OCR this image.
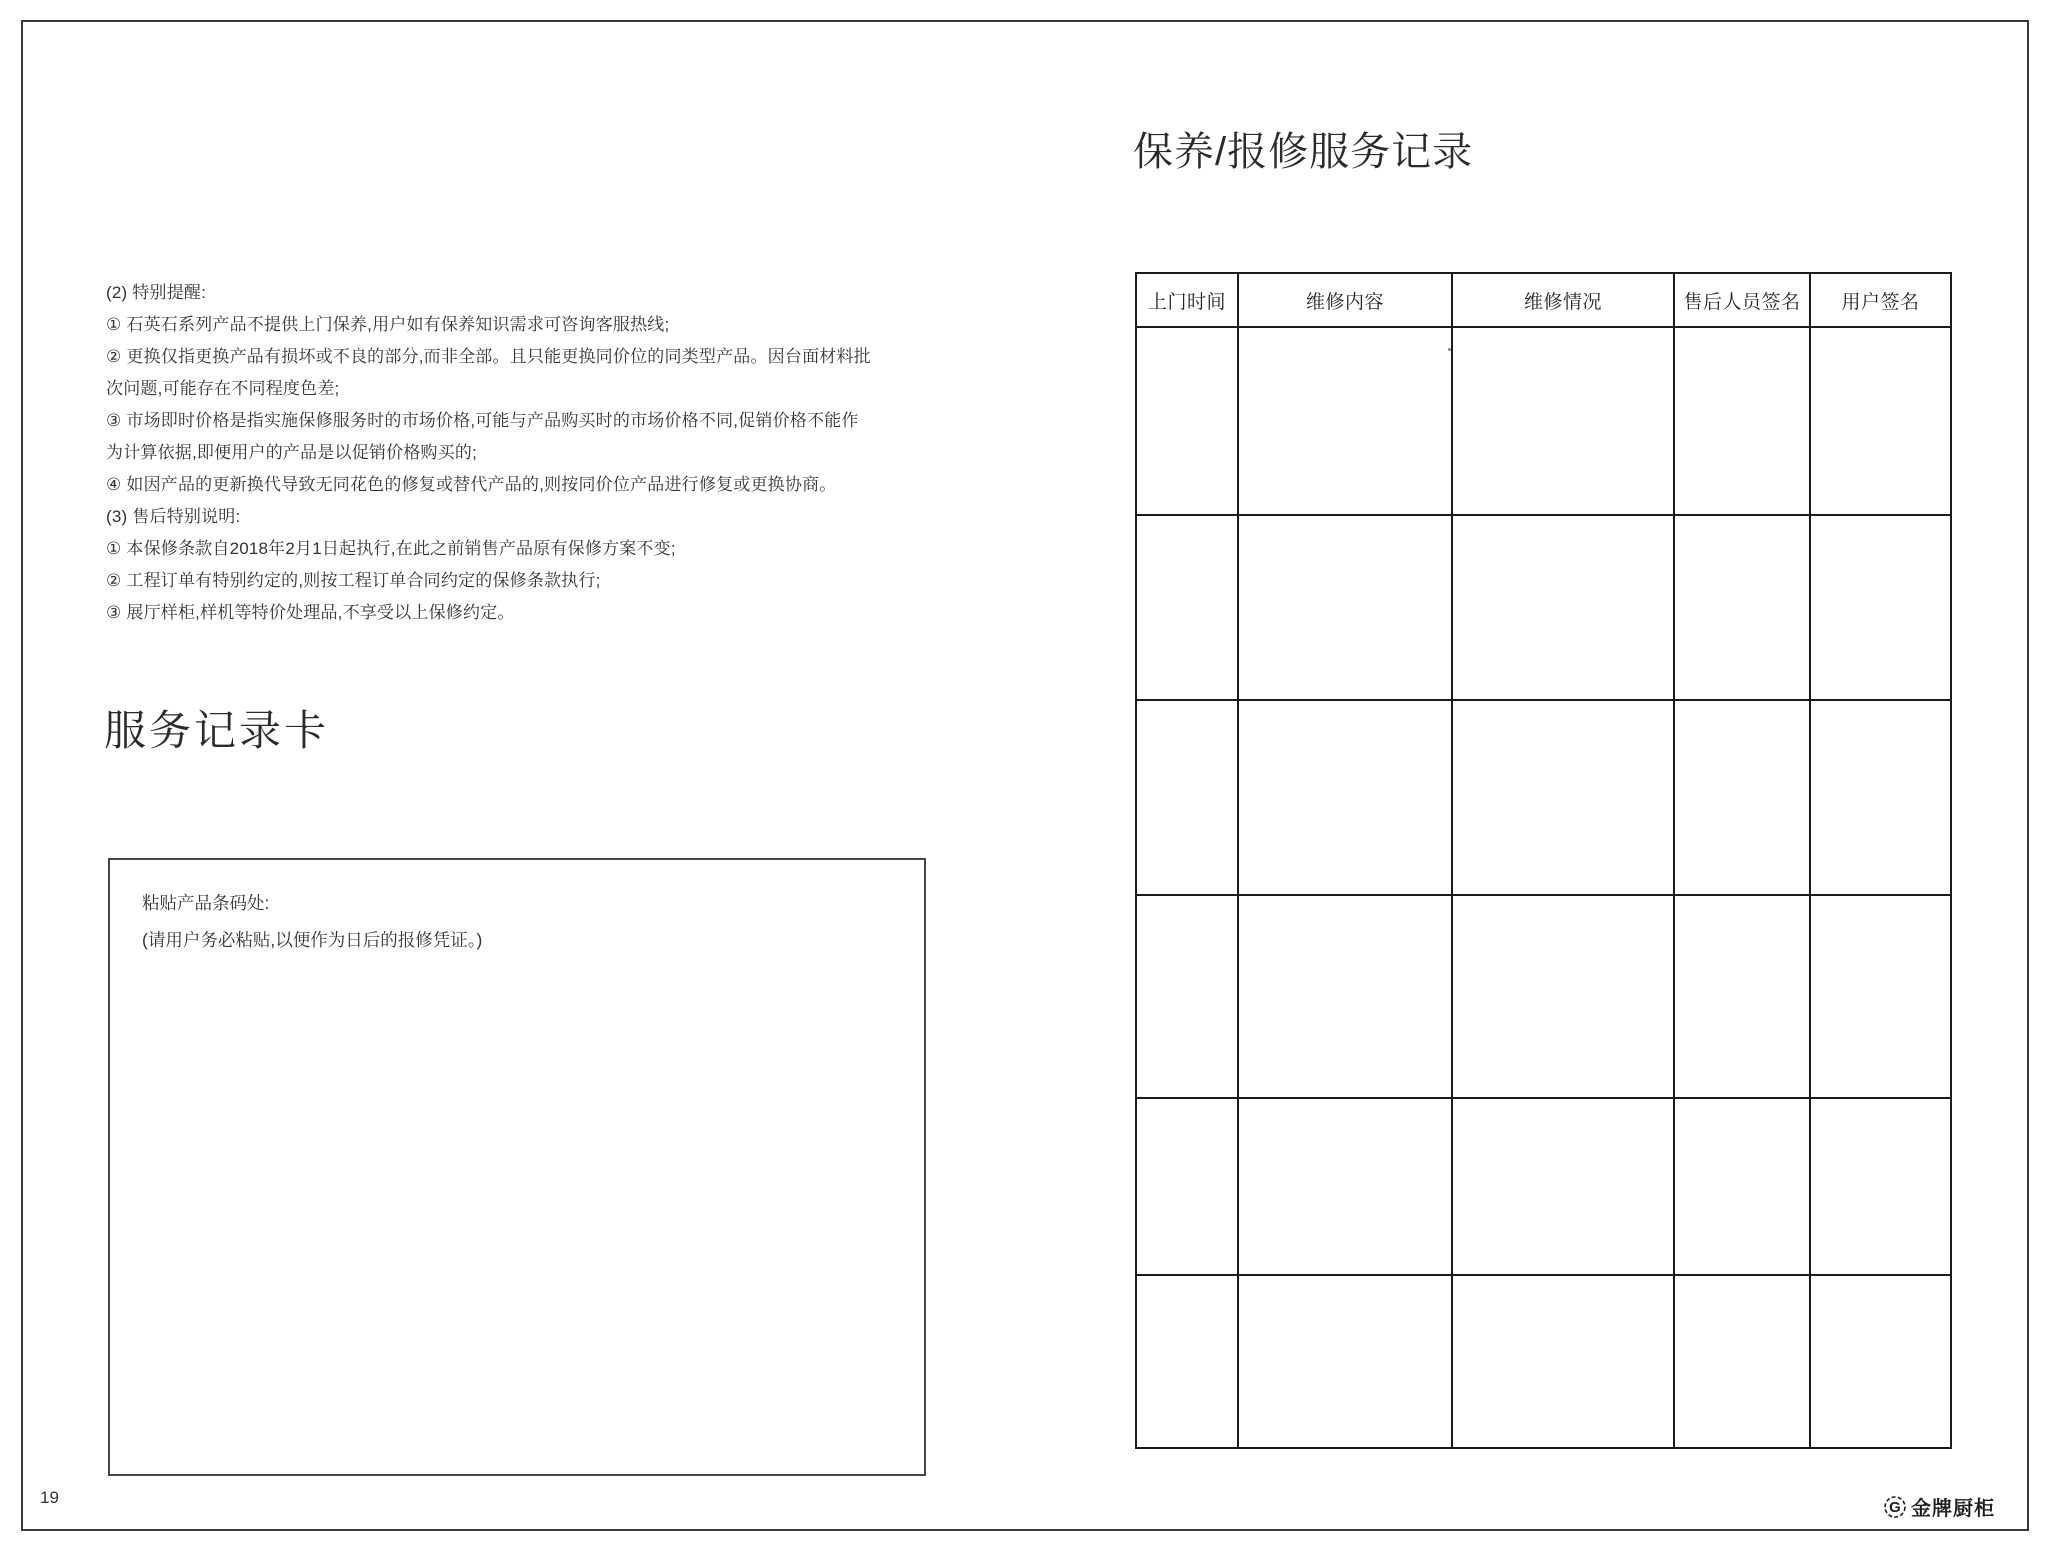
(2) 特别提醒:
① 石英石系列产品不提供上门保养,用户如有保养知识需求可咨询客服热线;
② 更换仅指更换产品有损坏或不良的部分,而非全部。且只能更换同价位的同类型产品。因台面材料批
次问题,可能存在不同程度色差;
③ 市场即时价格是指实施保修服务时的市场价格,可能与产品购买时的市场价格不同,促销价格不能作
为计算依据,即便用户的产品是以促销价格购买的;
④ 如因产品的更新换代导致无同花色的修复或替代产品的,则按同价位产品进行修复或更换协商。
(3) 售后特别说明:
① 本保修条款自2018年2月1日起执行,在此之前销售产品原有保修方案不变;
② 工程订单有特别约定的,则按工程订单合同约定的保修条款执行;
③ 展厅样柜,样机等特价处理品,不享受以上保修约定。
服务记录卡
粘贴产品条码处:
(请用户务必粘贴,以便作为日后的报修凭证。)
19
保养/报修服务记录
上门时间	维修内容	维修情况	售后人员签名	用户签名

G 金牌厨柜
